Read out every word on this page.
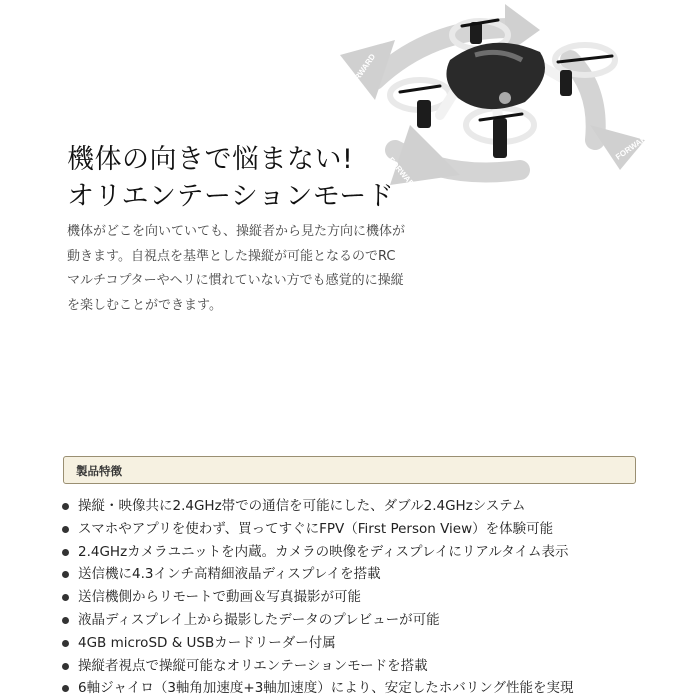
FORWARD
FORWARD
FORWARD
FORWARD
機体の向きで悩まない!
オリエンテーションモード
機体がどこを向いていても、操縦者から見た方向に機体が
動きます。自視点を基準とした操縦が可能となるのでRC
マルチコプターやヘリに慣れていない方でも感覚的に操縦
を楽しむことができます。
製品特徴
操縦・映像共に2.4GHz帯での通信を可能にした、ダブル2.4GHzシステム
スマホやアプリを使わず、買ってすぐにFPV（First Person View）を体験可能
2.4GHzカメラユニットを内蔵。カメラの映像をディスプレイにリアルタイム表示
送信機に4.3インチ高精細液晶ディスプレイを搭載
送信機側からリモートで動画＆写真撮影が可能
液晶ディスプレイ上から撮影したデータのプレビューが可能
4GB microSD & USBカードリーダー付属
操縦者視点で操縦可能なオリエンテーションモードを搭載
6軸ジャイロ（3軸角加速度+3軸加速度）により、安定したホバリング性能を実現
